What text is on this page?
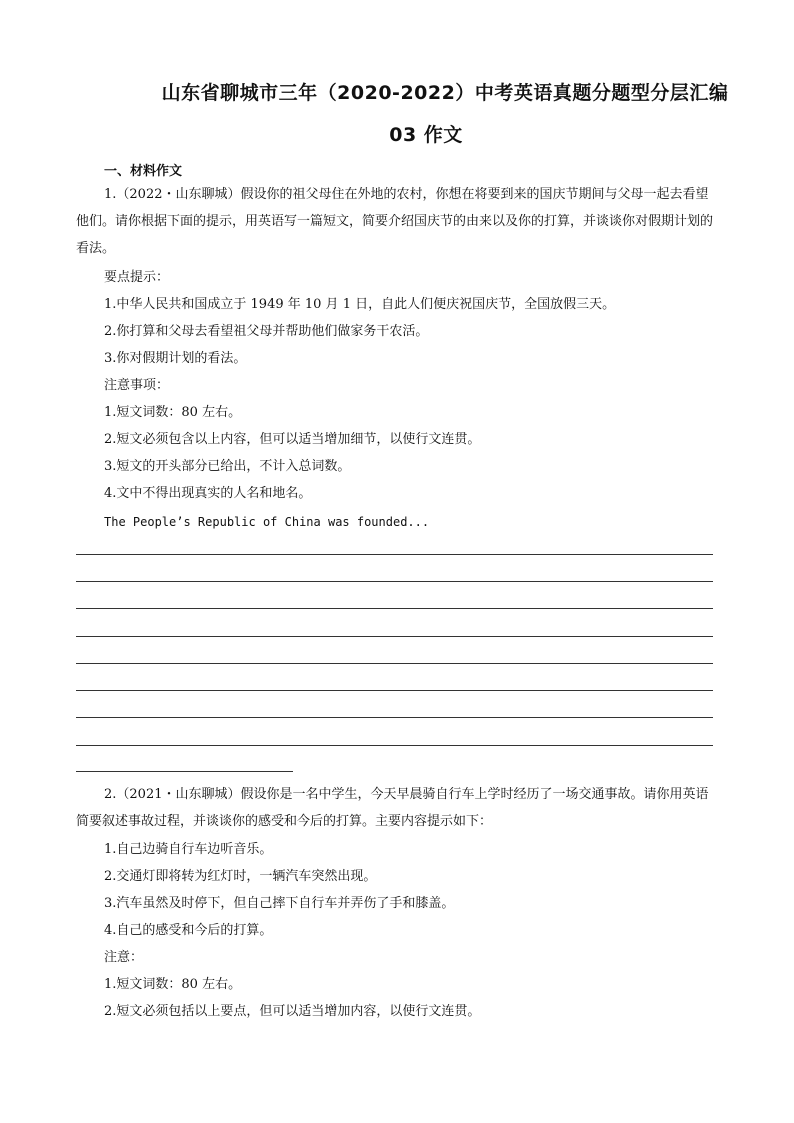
山东省聊城市三年（2020-2022）中考英语真题分题型分层汇编
03 作文
一、材料作文

1.（2022・山东聊城）假设你的祖父母住在外地的农村，你想在将要到来的国庆节期间与父母一起去看望他们。请你根据下面的提示，用英语写一篇短文，简要介绍国庆节的由来以及你的打算，并谈谈你对假期计划的看法。

要点提示：
1.中华人民共和国成立于 1949 年 10 月 1 日，自此人们便庆祝国庆节，全国放假三天。
2.你打算和父母去看望祖父母并帮助他们做家务干农活。
3.你对假期计划的看法。
注意事项：
1.短文词数：80 左右。
2.短文必须包含以上内容，但可以适当增加细节，以使行文连贯。
3.短文的开头部分已给出，不计入总词数。
4.文中不得出现真实的人名和地名。
The People’s Republic of China was founded...

2.（2021・山东聊城）假设你是一名中学生，今天早晨骑自行车上学时经历了一场交通事故。请你用英语简要叙述事故过程，并谈谈你的感受和今后的打算。主要内容提示如下：

1.自己边骑自行车边听音乐。
2.交通灯即将转为红灯时，一辆汽车突然出现。
3.汽车虽然及时停下，但自己摔下自行车并弄伤了手和膝盖。
4.自己的感受和今后的打算。
注意：
1.短文词数：80 左右。
2.短文必须包括以上要点，但可以适当增加内容，以使行文连贯。
